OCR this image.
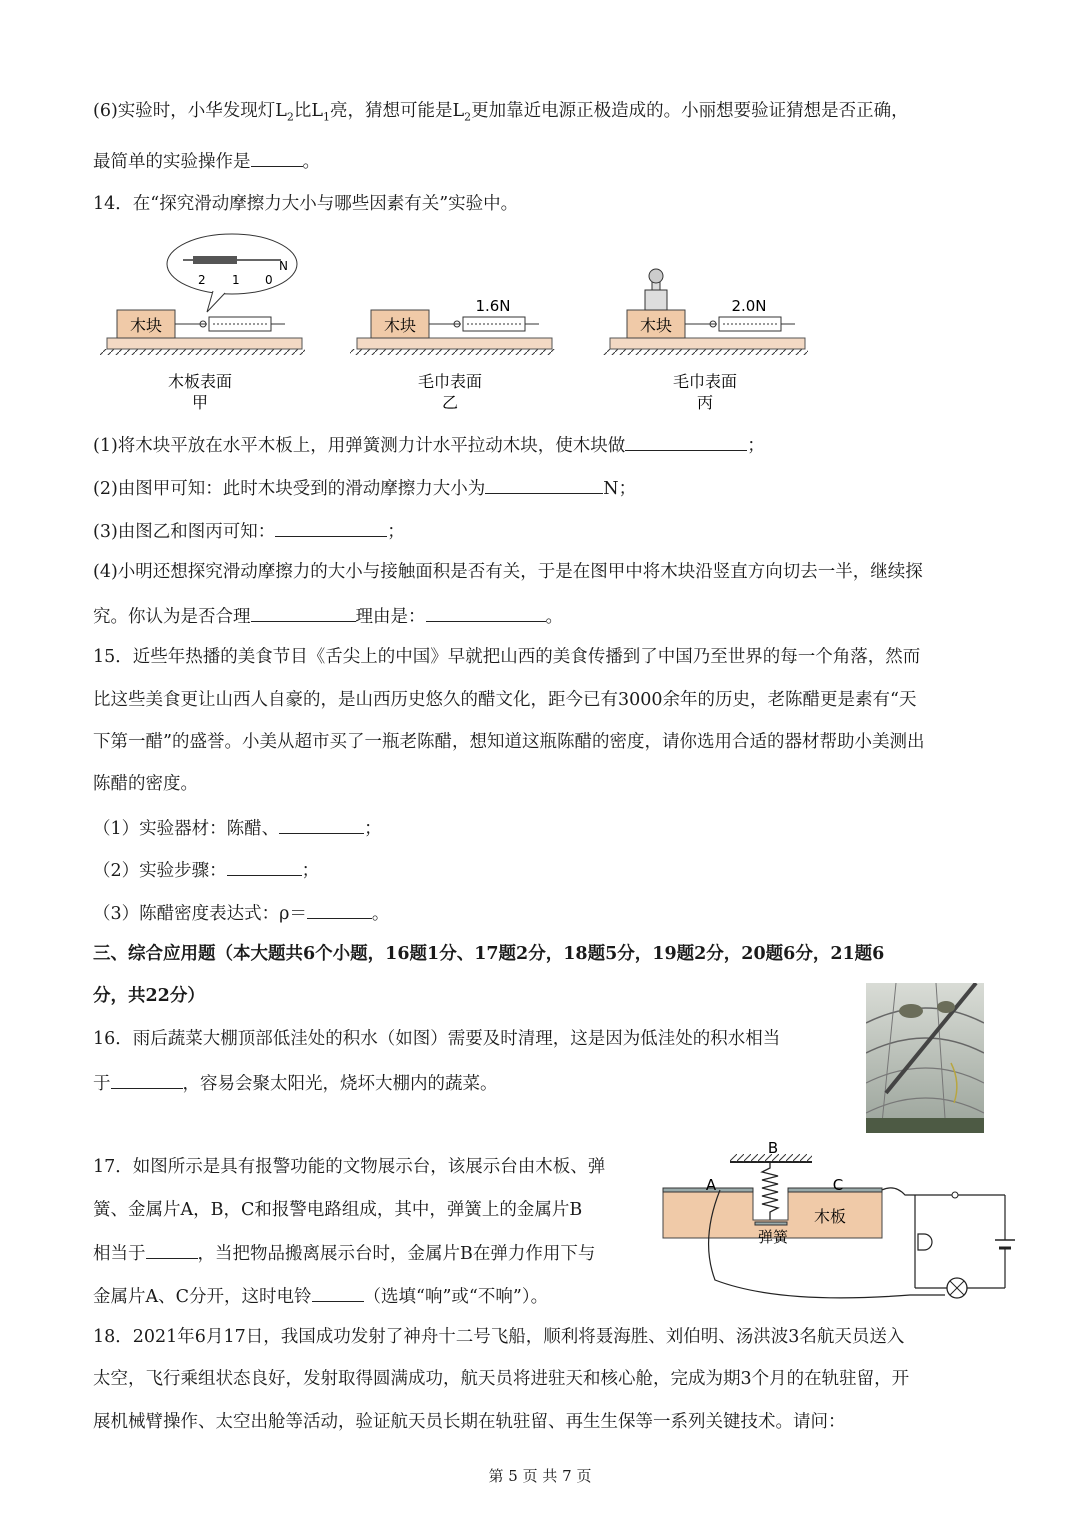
(6)实验时，小华发现灯$L_2$比$L_1$亮，猜想可能是$L_2$更加靠近电源正极造成的。小丽想要验证猜想是否正确，
最简单的实验操作是	。
14．在“探究滑动摩擦力大小与哪些因素有关”实验中。
木块
2 1 0
N
木板表面
甲
木块
1.6N
毛巾表面
乙
木块
2.0N
毛巾表面
丙
(1)将木块平放在水平木板上，用弹簧测力计水平拉动木块，使木块做	；
(2)由图甲可知：此时木块受到的滑动摩擦力大小为	N；
(3)由图乙和图丙可知：	；
(4)小明还想探究滑动摩擦力的大小与接触面积是否有关，于是在图甲中将木块沿竖直方向切去一半，继续探
究。你认为是否合理	理由是：	。
15．近些年热播的美食节目《舌尖上的中国》早就把山西的美食传播到了中国乃至世界的每一个角落，然而
比这些美食更让山西人自豪的，是山西历史悠久的醋文化，距今已有3000余年的历史，老陈醋更是素有“天
下第一醋”的盛誉。小美从超市买了一瓶老陈醋，想知道这瓶陈醋的密度，请你选用合适的器材帮助小美测出
陈醋的密度。
（1）实验器材：陈醋、	；
（2）实验步骤：	；
（3）陈醋密度表达式：ρ＝	。
三、综合应用题（本大题共6个小题，16题1分、17题2分，18题5分，19题2分，20题6分，21题6
分，共22分）
16．雨后蔬菜大棚顶部低洼处的积水（如图）需要及时清理，这是因为低洼处的积水相当
于	，容易会聚太阳光，烧坏大棚内的蔬菜。
17．如图所示是具有报警功能的文物展示台，该展示台由木板、弹
簧、金属片A，B，C和报警电路组成，其中，弹簧上的金属片B
相当于	，当把物品搬离展示台时，金属片B在弹力作用下与
金属片A、C分开，这时电铃	（选填“响”或“不响”）。
B
A	C
弹簧
木板
18．2021年6月17日，我国成功发射了神舟十二号飞船，顺利将聂海胜、刘伯明、汤洪波3名航天员送入
太空，飞行乘组状态良好，发射取得圆满成功，航天员将进驻天和核心舱，完成为期3个月的在轨驻留，开
展机械臂操作、太空出舱等活动，验证航天员长期在轨驻留、再生生保等一系列关键技术。请问：
第 5 页 共 7 页
